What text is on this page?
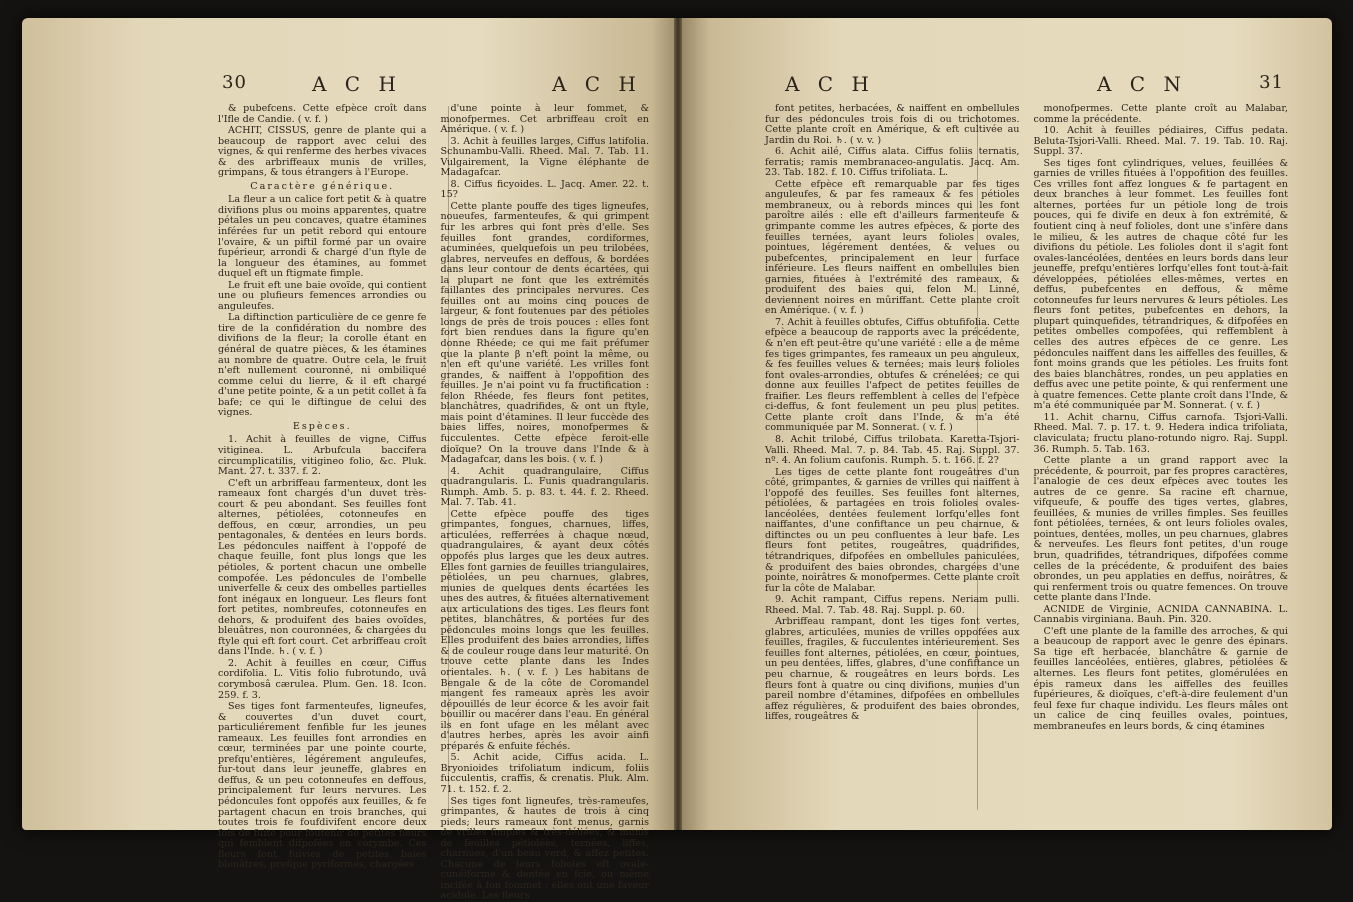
30	A C H	A C H

& pubefcens. Cette efpèce croît dans l'Ifle de Candie. ( v. f. )

ACHIT, CISSUS, genre de plante qui a beaucoup de rapport avec celui des vignes, & qui renferme des herbes vivaces & des arbriffeaux munis de vrilles, grimpans, & tous étrangers à l'Europe.

Caractère générique.

La fleur a un calice fort petit & à quatre divifions plus ou moins apparentes, quatre pétales un peu concaves, quatre étamines inférées fur un petit rebord qui entoure l'ovaire, & un piftil formé par un ovaire fupérieur, arrondi & chargé d'un ftyle de la longueur des étamines, au fommet duquel eft un ftigmate fimple.

Le fruit eft une baie ovoïde, qui contient une ou plufieurs femences arrondies ou anguleufes.

La diftinction particulière de ce genre fe tire de la confidération du nombre des divifions de la fleur; la corolle étant en général de quatre pièces, & les étamines au nombre de quatre. Outre cela, le fruit n'eft nullement couronné, ni ombiliqué comme celui du lierre, & il eft chargé d'une petite pointe, & a un petit collet à fa bafe; ce qui le diftingue de celui des vignes.

Espèces.

1. Achit à feuilles de vigne, Ciffus vitiginea. L. Arbufcula baccifera circumplicatilis, vitigineo folio, &c. Pluk. Mant. 27. t. 337. f. 2.

C'eft un arbriffeau farmenteux, dont les rameaux font chargés d'un duvet très-court & peu abondant. Ses feuilles font alternes, pétiolées, cotonneufes en deffous, en cœur, arrondies, un peu pentagonales, & dentées en leurs bords. Les pédoncules naiffent à l'oppofé de chaque feuille, font plus longs que les pétioles, & portent chacun une ombelle compofée. Les pédoncules de l'ombelle univerfelle & ceux des ombelles partielles font inégaux en longueur. Les fleurs font fort petites, nombreufes, cotonneufes en dehors, & produifent des baies ovoïdes, bleuâtres, non couronnées, & chargées du ftyle qui eft fort court. Cet arbriffeau croît dans l'Inde. ♄. ( v. f. )

2. Achit à feuilles en cœur, Ciffus cordifolia. L. Vitis folio fubrotundo, uvâ corymbosâ cærulea. Plum. Gen. 18. Icon. 259. f. 3.

Ses tiges font farmenteufes, ligneufes, & couvertes d'un duvet court, particuliérement fenfible fur les jeunes rameaux. Les feuilles font arrondies en cœur, terminées par une pointe courte, prefqu'entières, légérement anguleufes, fur-tout dans leur jeuneffe, glabres en deffus, & un peu cotonneufes en deffous, principalement fur leurs nervures. Les pédoncules font oppofés aux feuilles, & fe partagent chacun en trois branches, qui toutes trois fe foufdivifent encore deux fois de fuite pour foutenir de petites fleurs qui femblent difpofées en corymbe. Ces fleurs font fuivies de petites baies bleuâtres, prefque pyriformes, chargées

d'une pointe à leur fommet, & monofpermes. Cet arbriffeau croît en Amérique. ( v. f. )

3. Achit à feuilles larges, Ciffus latifolia. Schunambu-Valli. Rheed. Mal. 7. Tab. 11. Vulgairement, la Vigne éléphante de Madagafcar.

8. Ciffus ficyoides. L. Jacq. Amer. 22. t. 15?

Cette plante pouffe des tiges ligneufes, noueufes, farmenteufes, & qui grimpent fur les arbres qui font près d'elle. Ses feuilles font grandes, cordiformes, acuminées, quelquefois un peu trilobées, glabres, nerveufes en deffous, & bordées dans leur contour de dents écartées, qui la plupart ne font que les extrémités faillantes des principales nervures. Ces feuilles ont au moins cinq pouces de largeur, & font foutenues par des pétioles longs de près de trois pouces : elles font fort bien rendues dans la figure qu'en donne Rhéede; ce qui me fait préfumer que la plante β n'eft point la même, ou n'en eft qu'une variété. Les vrilles font grandes, & naiffent à l'oppofition des feuilles. Je n'ai point vu fa fructification : felon Rhéede, fes fleurs font petites, blanchâtres, quadrifides, & ont un ftyle, mais point d'étamines. Il leur fuccède des baies liffes, noires, monofpermes & fucculentes. Cette efpèce feroit-elle dioïque? On la trouve dans l'Inde & à Madagafcar, dans les bois. ( v. f. )

4. Achit quadrangulaire, Ciffus quadrangularis. L. Funis quadrangularis. Rumph. Amb. 5. p. 83. t. 44. f. 2. Rheed. Mal. 7. Tab. 41.

Cette efpèce pouffe des tiges grimpantes, fongues, charnues, liffes, articulées, refferrées à chaque nœud, quadrangulaires, & ayant deux côtés oppofés plus larges que les deux autres. Elles font garnies de feuilles triangulaires, pétiolées, un peu charnues, glabres, munies de quelques dents écartées les unes des autres, & fituées alternativement aux articulations des tiges. Les fleurs font petites, blanchâtres, & portées fur des pédoncules moins longs que les feuilles. Elles produifent des baies arrondies, liffes & de couleur rouge dans leur maturité. On trouve cette plante dans les Indes orientales. ♄. ( v. f. ) Les habitans de Bengale & de la côte de Coromandel mangent fes rameaux après les avoir dépouillés de leur écorce & les avoir fait bouillir ou macérer dans l'eau. En général ils en font ufage en les mêlant avec d'autres herbes, après les avoir ainfi préparés & enfuite féchés.

5. Achit acide, Ciffus acida. L. Bryonioides trifoliatum indicum, foliis fucculentis, craffis, & crenatis. Pluk. Alm. 71. t. 152. f. 2.

Ses tiges font ligneufes, très-rameufes, grimpantes, & hautes de trois à cinq pieds; leurs rameaux font menus, garnis de vrilles fimples & très-déliées, & munis de feuilles pétiolées, ternées, liffes, charnues, d'un beau verd, & affez petites. Chacune de leurs folioles eft ovale-cunéiforme & dentée en fcie, ou même incifée à fon fommet : elles ont une faveur acidule. Les fleurs

A C H	A C N	31

font petites, herbacées, & naiffent en ombellules fur des pédoncules trois fois di ou trichotomes. Cette plante croît en Amérique, & eft cultivée au Jardin du Roi. ♄. ( v. v. )

6. Achit ailé, Ciffus alata. Ciffus foliis ternatis, ferratis; ramis membranaceo-angulatis. Jacq. Am. 23. Tab. 182. f. 10. Ciffus trifoliata. L.

Cette efpèce eft remarquable par fes tiges anguleufes, & par fes rameaux & fes pétioles membraneux, ou à rebords minces qui les font paroître ailés : elle eft d'ailleurs farmenteufe & grimpante comme les autres efpèces, & porte des feuilles ternées, ayant leurs folioles ovales, pointues, légérement dentées, & velues ou pubefcentes, principalement en leur furface inférieure. Les fleurs naiffent en ombellules bien garnies, fituées à l'extrémité des rameaux, & produifent des baies qui, felon M. Linné, deviennent noires en mûriffant. Cette plante croît en Amérique. ( v. f. )

7. Achit à feuilles obtufes, Ciffus obtufifolia. Cette efpèce a beaucoup de rapports avec la précédente, & n'en eft peut-être qu'une variété : elle a de même fes tiges grimpantes, fes rameaux un peu anguleux, & fes feuilles velues & ternées; mais leurs folioles font ovales-arrondies, obtufes & crénelées; ce qui donne aux feuilles l'afpect de petites feuilles de fraifier. Les fleurs reffemblent à celles de l'efpèce ci-deffus, & font feulement un peu plus petites. Cette plante croît dans l'Inde, & m'a été communiquée par M. Sonnerat. ( v. f. )

8. Achit trilobé, Ciffus trilobata. Karetta-Tsjori-Valli. Rheed. Mal. 7. p. 84. Tab. 45. Raj. Suppl. 37. nº. 4. An folium caufonis. Rumph. 5. t. 166. f. 2?

Les tiges de cette plante font rougeâtres d'un côté, grimpantes, & garnies de vrilles qui naiffent à l'oppofé des feuilles. Ses feuilles font alternes, pétiolées, & partagées en trois folioles ovales-lancéolées, dentées feulement lorfqu'elles font naiffantes, d'une confiftance un peu charnue, & diftinctes ou un peu confluentes à leur bafe. Les fleurs font petites, rougeâtres, quadrifides, tétrandriques, difpofées en ombellules paniculées, & produifent des baies obrondes, chargées d'une pointe, noirâtres & monofpermes. Cette plante croît fur la côte de Malabar.

9. Achit rampant, Ciffus repens. Neriam pulli. Rheed. Mal. 7. Tab. 48. Raj. Suppl. p. 60.

Arbriffeau rampant, dont les tiges font vertes, glabres, articulées, munies de vrilles oppofées aux feuilles, fragiles, & fucculentes intérieurement. Ses feuilles font alternes, pétiolées, en cœur, pointues, un peu dentées, liffes, glabres, d'une confiftance un peu charnue, & rougeâtres en leurs bords. Les fleurs font à quatre ou cinq divifions, munies d'un pareil nombre d'étamines, difpofées en ombellules affez régulières, & produifent des baies obrondes, liffes, rougeâtres &

monofpermes. Cette plante croît au Malabar, comme la précédente.

10. Achit à feuilles pédiaires, Ciffus pedata. Beluta-Tsjori-Valli. Rheed. Mal. 7. 19. Tab. 10. Raj. Suppl. 37.

Ses tiges font cylindriques, velues, feuillées & garnies de vrilles fituées à l'oppofition des feuilles. Ces vrilles font affez longues & fe partagent en deux branches à leur fommet. Les feuilles font alternes, portées fur un pétiole long de trois pouces, qui fe divife en deux à fon extrémité, & foutient cinq à neuf folioles, dont une s'infère dans le milieu, & les autres de chaque côté fur les divifions du pétiole. Les folioles dont il s'agit font ovales-lancéolées, dentées en leurs bords dans leur jeuneffe, prefqu'entières lorfqu'elles font tout-à-fait développées, pétiolées elles-mêmes, vertes en deffus, pubefcentes en deffous, & même cotonneufes fur leurs nervures & leurs pétioles. Les fleurs font petites, pubefcentes en dehors, la plupart quinquefides, tétrandriques, & difpofées en petites ombelles compofées, qui reffemblent à celles des autres efpèces de ce genre. Les pédoncules naiffent dans les aiffelles des feuilles, & font moins grands que les pétioles. Les fruits font des baies blanchâtres, rondes, un peu applaties en deffus avec une petite pointe, & qui renferment une à quatre femences. Cette plante croît dans l'Inde, & m'a été communiquée par M. Sonnerat. ( v. f. )

11. Achit charnu, Ciffus carnofa. Tsjori-Valli. Rheed. Mal. 7. p. 17. t. 9. Hedera indica trifoliata, claviculata; fructu plano-rotundo nigro. Raj. Suppl. 36. Rumph. 5. Tab. 163.

Cette plante a un grand rapport avec la précédente, & pourroit, par fes propres caractères, l'analogie de ces deux efpèces avec toutes les autres de ce genre. Sa racine eft charnue, vifqueufe, & pouffe des tiges vertes, glabres, feuillées, & munies de vrilles fimples. Ses feuilles font pétiolées, ternées, & ont leurs folioles ovales, pointues, dentées, molles, un peu charnues, glabres & nerveufes. Les fleurs font petites, d'un rouge brun, quadrifides, tétrandriques, difpofées comme celles de la précédente, & produifent des baies obrondes, un peu applaties en deffus, noirâtres, & qui renferment trois ou quatre femences. On trouve cette plante dans l'Inde.

ACNIDE de Virginie, ACNIDA CANNABINA. L. Cannabis virginiana. Bauh. Pin. 320.

C'eft une plante de la famille des arroches, & qui a beaucoup de rapport avec le genre des épinars. Sa tige eft herbacée, blanchâtre & garnie de feuilles lancéolées, entières, glabres, pétiolées & alternes. Les fleurs font petites, glomérulées en épis rameux dans les aiffelles des feuilles fupérieures, & dioïques, c'eft-à-dire feulement d'un feul fexe fur chaque individu. Les fleurs mâles ont un calice de cinq feuilles ovales, pointues, membraneufes en leurs bords, & cinq étamines
